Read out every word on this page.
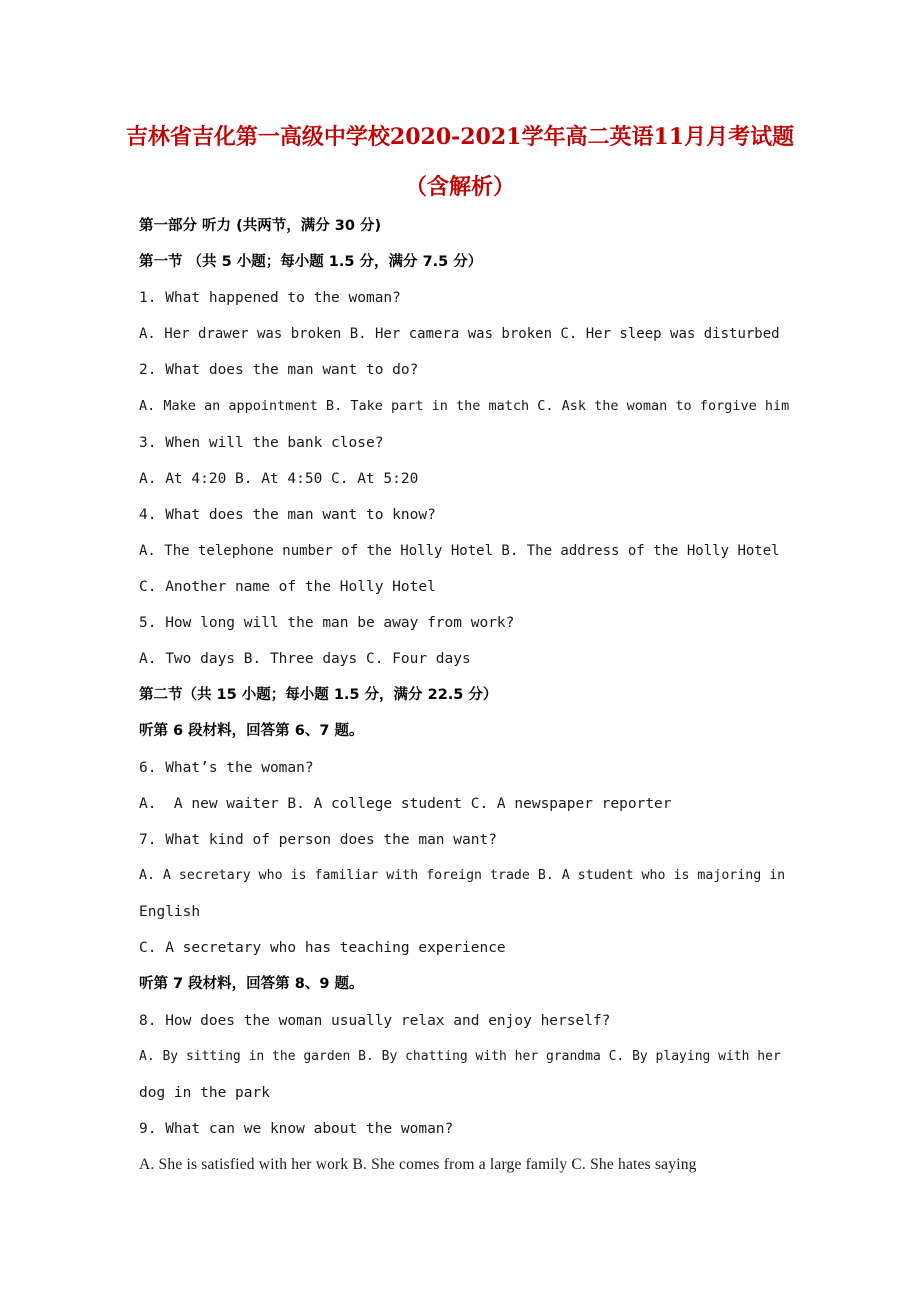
吉林省吉化第一高级中学校2020-2021学年高二英语11月月考试题
（含解析）
第一部分 听力 (共两节，满分 30 分)
第一节 （共 5 小题；每小题 1.5 分，满分 7.5 分）
1. What happened to the woman?
A. Her drawer was broken B. Her camera was broken C. Her sleep was disturbed
2. What does the man want to do?
A. Make an appointment B. Take part in the match C. Ask the woman to forgive him
3. When will the bank close?
A. At 4:20 B. At 4:50 C. At 5:20
4. What does the man want to know?
A. The telephone number of the Holly Hotel B. The address of the Holly Hotel
C. Another name of the Holly Hotel
5. How long will the man be away from work?
A. Two days B. Three days C. Four days
第二节（共 15 小题；每小题 1.5 分，满分 22.5 分）
听第 6 段材料，回答第 6、7 题。
6. What’s the woman?
A.  A new waiter B. A college student C. A newspaper reporter
7. What kind of person does the man want?
A. A secretary who is familiar with foreign trade B. A student who is majoring in
English
C. A secretary who has teaching experience
听第 7 段材料，回答第 8、9 题。
8. How does the woman usually relax and enjoy herself?
A. By sitting in the garden B. By chatting with her grandma C. By playing with her
dog in the park
9. What can we know about the woman?
A. She is satisfied with her work B. She comes from a large family C. She hates saying
